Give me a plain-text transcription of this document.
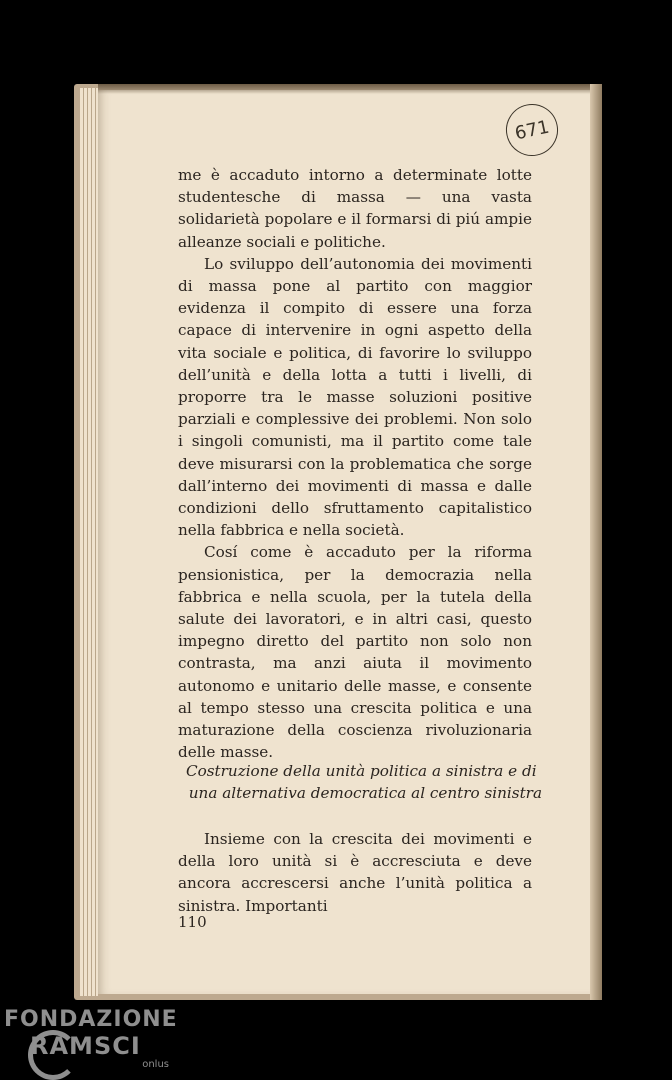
671

me è accaduto intorno a determinate lotte studentesche di massa — una vasta solidarietà popolare e il formarsi di piú ampie alleanze sociali e politiche.

Lo sviluppo dell’autonomia dei movimenti di massa pone al partito con maggior evidenza il compito di essere una forza capace di intervenire in ogni aspetto della vita sociale e politica, di favorire lo sviluppo dell’unità e della lotta a tutti i livelli, di proporre tra le masse soluzioni positive parziali e complessive dei problemi. Non solo i singoli comunisti, ma il partito come tale deve misurarsi con la problematica che sorge dall’interno dei movimenti di massa e dalle condizioni dello sfruttamento capitalistico nella fabbrica e nella società.

Cosí come è accaduto per la riforma pensionistica, per la democrazia nella fabbrica e nella scuola, per la tutela della salute dei lavoratori, e in altri casi, questo impegno diretto del partito non solo non contrasta, ma anzi aiuta il movimento autonomo e unitario delle masse, e consente al tempo stesso una crescita politica e una maturazione della coscienza rivoluzionaria delle masse.

Costruzione della unità politica a sinistra e di
una alternativa democratica al centro sinistra

Insieme con la crescita dei movimenti e della loro unità si è accresciuta e deve ancora accrescersi anche l’unità politica a sinistra. Importanti

110
FONDAZIONE
RAMSCI
onlus
